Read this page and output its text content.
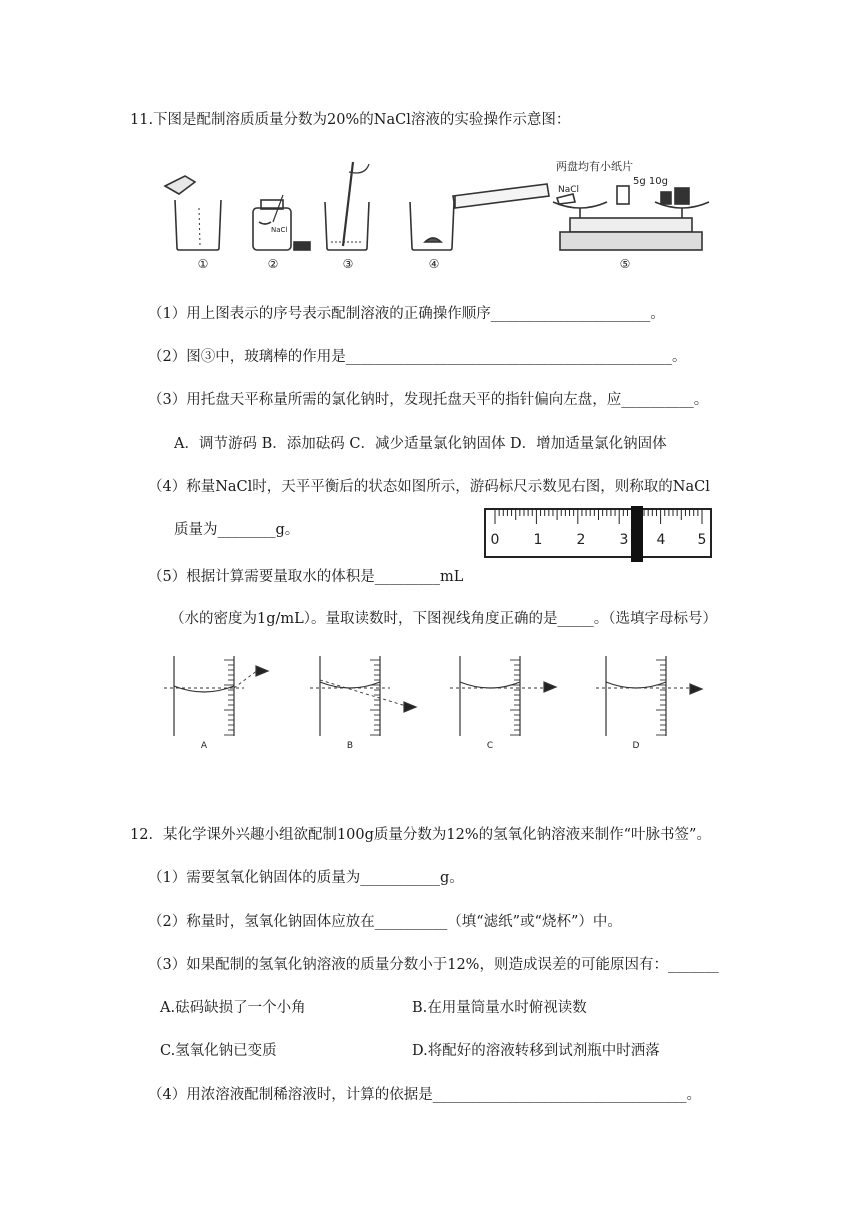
11.下图是配制溶质质量分数为20%的NaCl溶液的实验操作示意图：
两盘均有小纸片
5g 10g
NaCl
NaCl
①	②	③	④	⑤
（1）用上图表示的序号表示配制溶液的正确操作顺序______________________。
（2）图③中，玻璃棒的作用是_____________________________________________。
（3）用托盘天平称量所需的氯化钠时，发现托盘天平的指针偏向左盘，应__________。
A．调节游码 B．添加砝码 C．减少适量氯化钠固体 D．增加适量氯化钠固体
（4）称量NaCl时，天平平衡后的状态如图所示，游码标尺示数见右图，则称取的NaCl
质量为________g。
0 1 2 3 4 5
（5）根据计算需要量取水的体积是_________mL
（水的密度为1g/mL）。量取读数时，下图视线角度正确的是_____。（选填字母标号）
A	B	C	D
12．某化学课外兴趣小组欲配制100g质量分数为12%的氢氧化钠溶液来制作“叶脉书签”。
（1）需要氢氧化钠固体的质量为___________g。
（2）称量时，氢氧化钠固体应放在__________（填“滤纸”或“烧杯”）中。
（3）如果配制的氢氧化钠溶液的质量分数小于12%，则造成误差的可能原因有：_______
A.砝码缺损了一个小角	B.在用量筒量水时俯视读数
C.氢氧化钠已变质	D.将配好的溶液转移到试剂瓶中时洒落
（4）用浓溶液配制稀溶液时，计算的依据是___________________________________。
